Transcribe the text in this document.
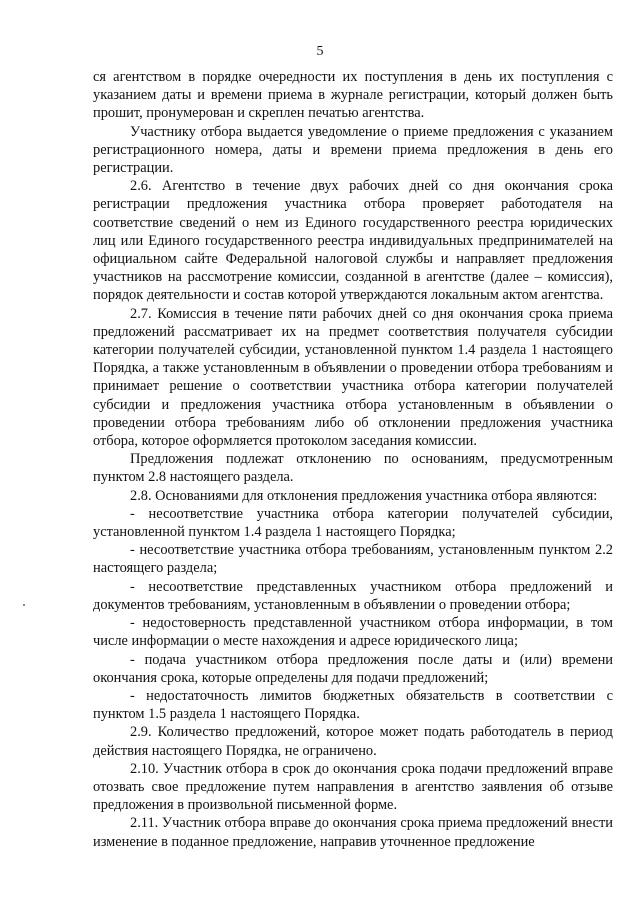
5

ся агентством в порядке очередности их поступления в день их поступления с указанием даты и времени приема в журнале регистрации, который должен быть прошит, пронумерован и скреплен печатью агентства.

Участнику отбора выдается уведомление о приеме предложения с указанием регистрационного номера, даты и времени приема предложения в день его регистрации.

2.6. Агентство в течение двух рабочих дней со дня окончания срока регистрации предложения участника отбора проверяет работодателя на соответствие сведений о нем из Единого государственного реестра юридических лиц или Единого государственного реестра индивидуальных предпринимателей на официальном сайте Федеральной налоговой службы и направляет предложения участников на рассмотрение комиссии, созданной в агентстве (далее – комиссия), порядок деятельности и состав которой утверждаются локальным актом агентства.

2.7. Комиссия в течение пяти рабочих дней со дня окончания срока приема предложений рассматривает их на предмет соответствия получателя субсидии категории получателей субсидии, установленной пунктом 1.4 раздела 1 настоящего Порядка, а также установленным в объявлении о проведении отбора требованиям и принимает решение о соответствии участника отбора категории получателей субсидии и предложения участника отбора установленным в объявлении о проведении отбора требованиям либо об отклонении предложения участника отбора, которое оформляется протоколом заседания комиссии.

Предложения подлежат отклонению по основаниям, предусмотренным пунктом 2.8 настоящего раздела.

2.8. Основаниями для отклонения предложения участника отбора являются:

- несоответствие участника отбора категории получателей субсидии, установленной пунктом 1.4 раздела 1 настоящего Порядка;

- несоответствие участника отбора требованиям, установленным пунктом 2.2 настоящего раздела;

- несоответствие представленных участником отбора предложений и документов требованиям, установленным в объявлении о проведении отбора;

- недостоверность представленной участником отбора информации, в том числе информации о месте нахождения и адресе юридического лица;

- подача участником отбора предложения после даты и (или) времени окончания срока, которые определены для подачи предложений;

- недостаточность лимитов бюджетных обязательств в соответствии с пунктом 1.5 раздела 1 настоящего Порядка.

2.9. Количество предложений, которое может подать работодатель в период действия настоящего Порядка, не ограничено.

2.10. Участник отбора в срок до окончания срока подачи предложений вправе отозвать свое предложение путем направления в агентство заявления об отзыве предложения в произвольной письменной форме.

2.11. Участник отбора вправе до окончания срока приема предложений внести изменение в поданное предложение, направив уточненное предложение
